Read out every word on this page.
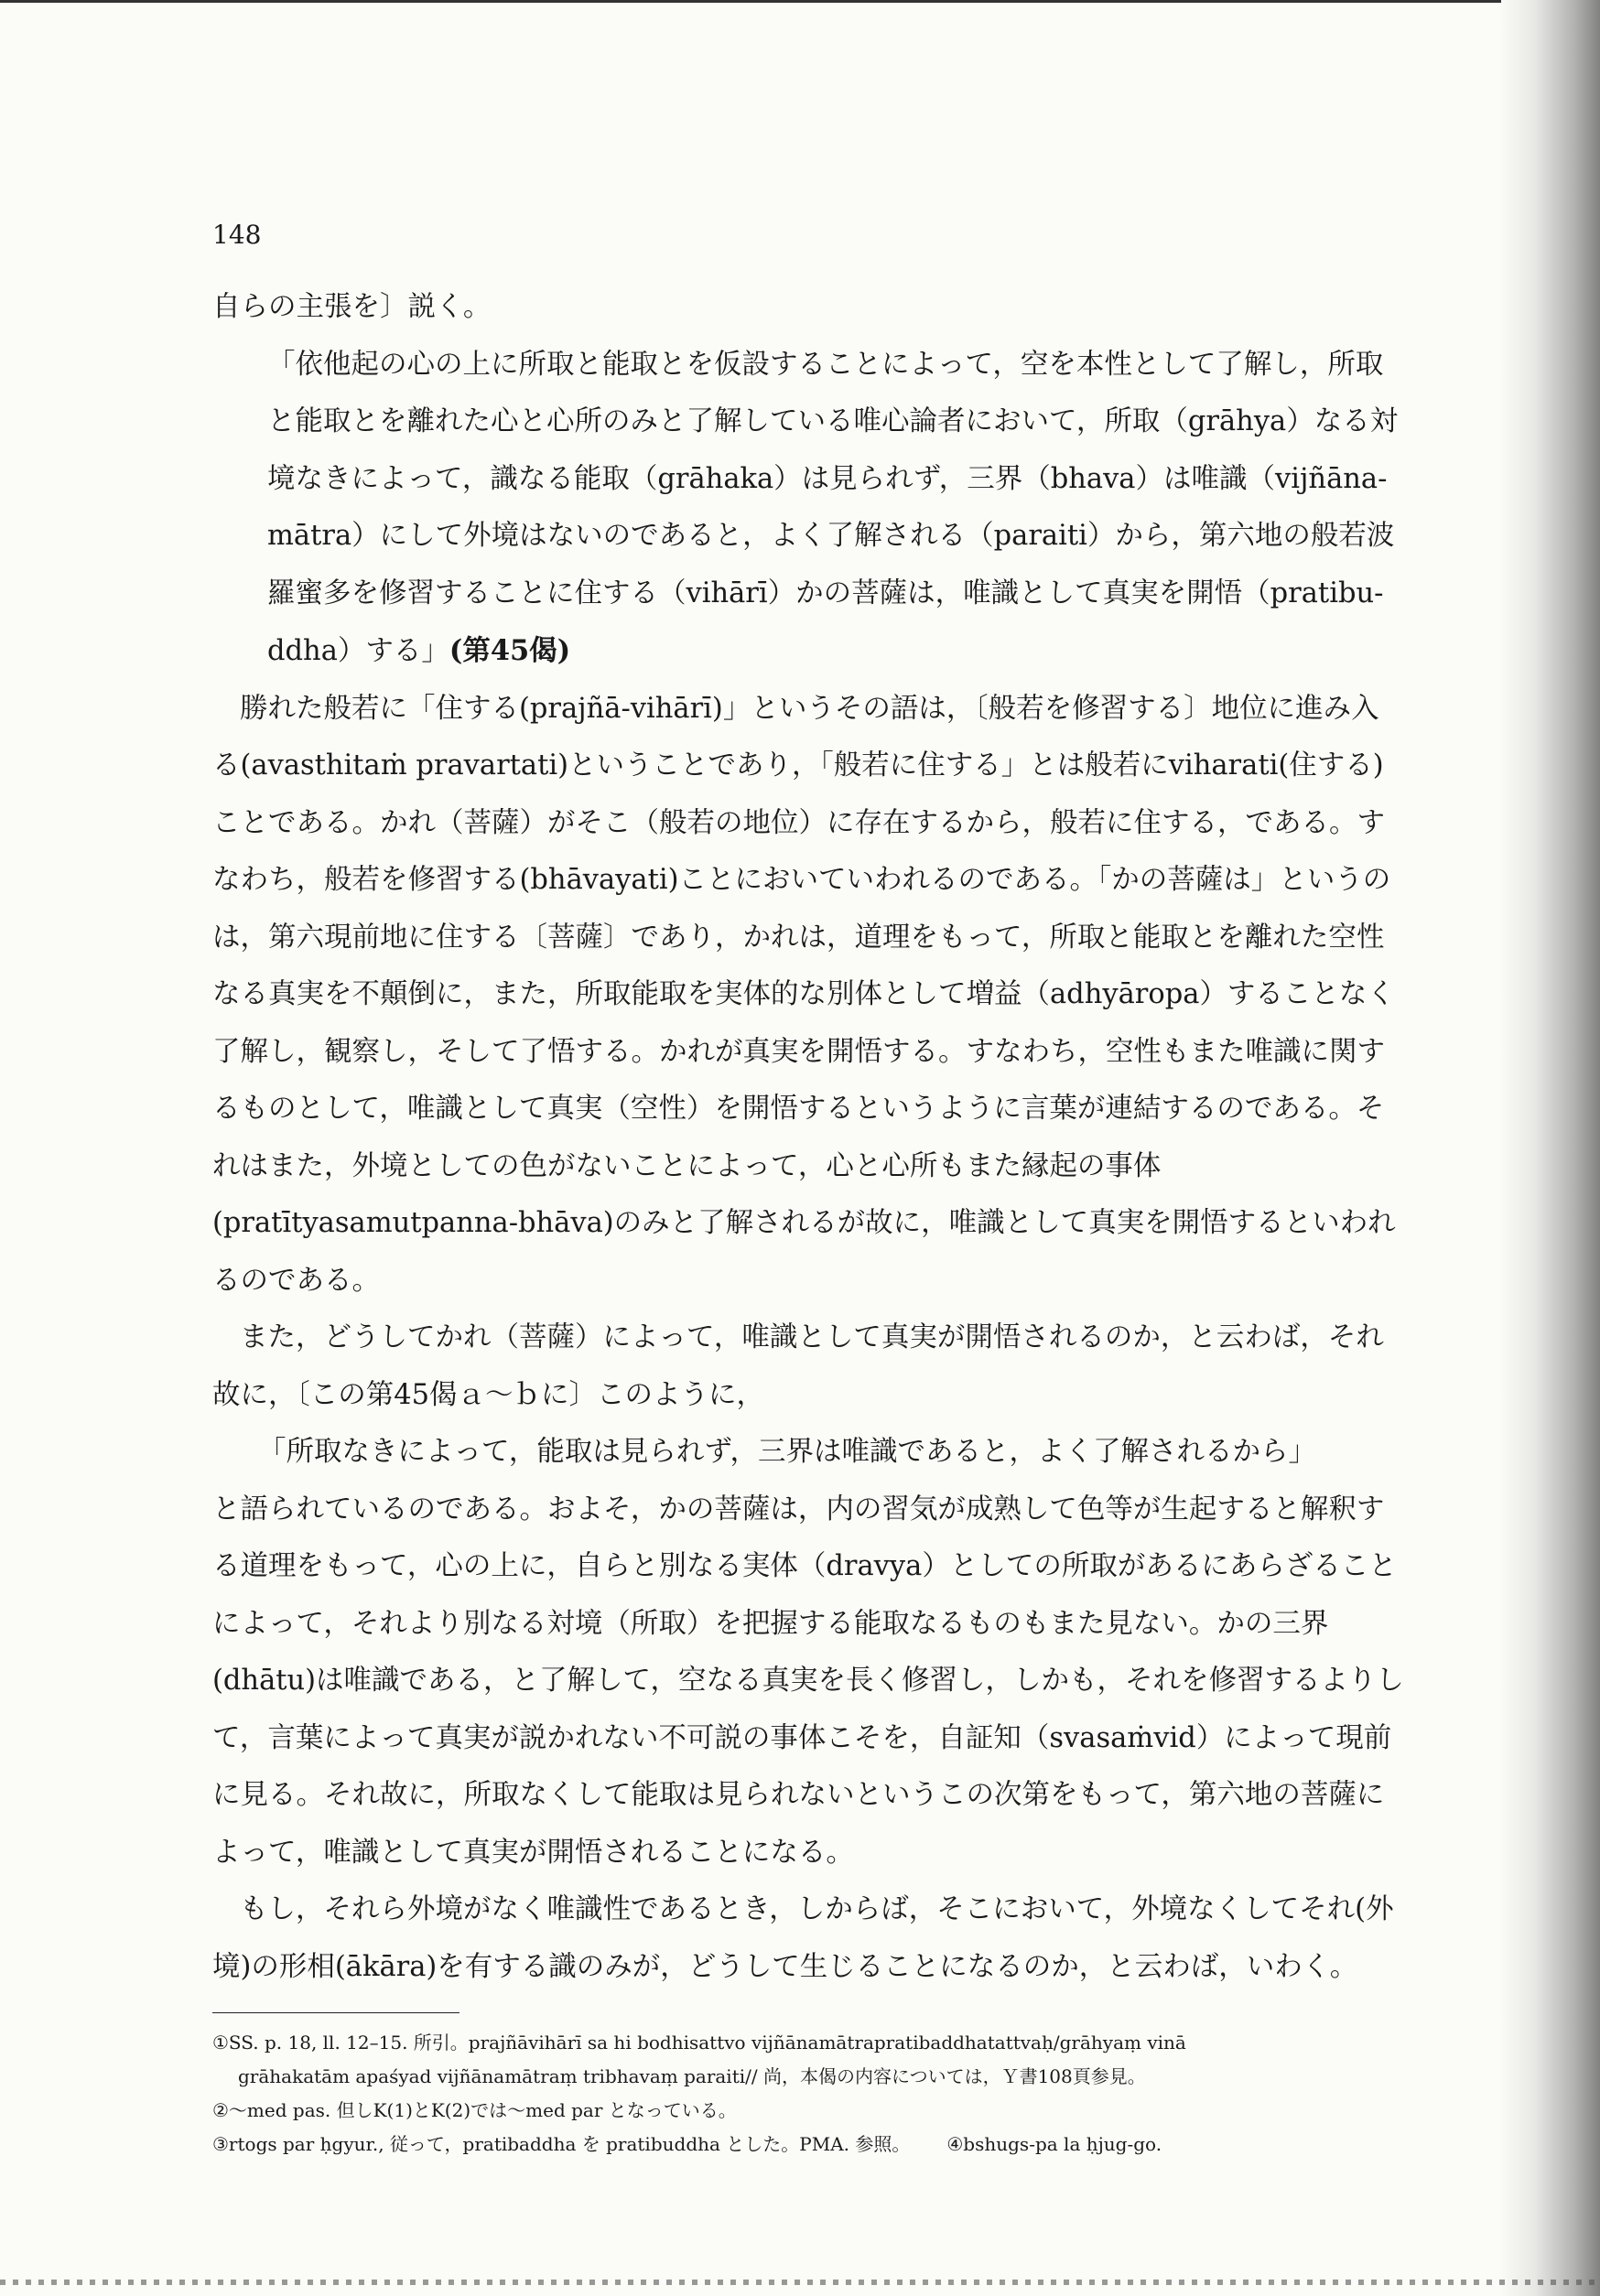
148

自らの主張を〕説く。

「依他起の心の上に所取と能取とを仮設することによって，空を本性として了解し，所取と能取とを離れた心と心所のみと了解している唯心論者において，所取（grāhya）なる対境なきによって，識なる能取（grāhaka）は見られず，三界（bhava）は唯識（vijñāna-mātra）にして外境はないのであると，よく了解される（paraiti）から，第六地の般若波羅蜜多を修習することに住する（vihārī）かの菩薩は，唯識として真実を開悟（pratibu-ddha）する」(第45偈)

勝れた般若に「住する(prajñā-vihārī)」というその語は，〔般若を修習する〕地位に進み入る(avasthitaṁ pravartati)ということであり，「般若に住する」とは般若にviharati(住する)ことである。かれ（菩薩）がそこ（般若の地位）に存在するから，般若に住する，である。すなわち，般若を修習する(bhāvayati)ことにおいていわれるのである。「かの菩薩は」というのは，第六現前地に住する〔菩薩〕であり，かれは，道理をもって，所取と能取とを離れた空性なる真実を不顛倒に，また，所取能取を実体的な別体として増益（adhyāropa）することなく了解し，観察し，そして了悟する。かれが真実を開悟する。すなわち，空性もまた唯識に関するものとして，唯識として真実（空性）を開悟するというように言葉が連結するのである。それはまた，外境としての色がないことによって，心と心所もまた縁起の事体(pratītyasamutpanna-bhāva)のみと了解されるが故に，唯識として真実を開悟するといわれるのである。

また，どうしてかれ（菩薩）によって，唯識として真実が開悟されるのか，と云わば，それ故に，〔この第45偈ａ～ｂに〕このように，

「所取なきによって，能取は見られず，三界は唯識であると，よく了解されるから」

と語られているのである。およそ，かの菩薩は，内の習気が成熟して色等が生起すると解釈する道理をもって，心の上に，自らと別なる実体（dravya）としての所取があるにあらざることによって，それより別なる対境（所取）を把握する能取なるものもまた見ない。かの三界(dhātu)は唯識である，と了解して，空なる真実を長く修習し，しかも，それを修習するよりして，言葉によって真実が説かれない不可説の事体こそを，自証知（svasaṁvid）によって現前に見る。それ故に，所取なくして能取は見られないというこの次第をもって，第六地の菩薩によって，唯識として真実が開悟されることになる。

もし，それら外境がなく唯識性であるとき，しからば，そこにおいて，外境なくしてそれ(外境)の形相(ākāra)を有する識のみが，どうして生じることになるのか，と云わば，いわく。

①SS. p. 18, ll. 12–15. 所引。prajñāvihārī sa hi bodhisattvo vijñānamātrapratibaddhatattvaḥ/grāhyaṃ vinā

grāhakatām apaśyad vijñānamātraṃ tribhavaṃ paraiti// 尚，本偈の内容については，Ｙ書108頁参見。

②～med pas. 但しK(1)とK(2)では～med par となっている。

③rtogs par ḥgyur., 従って，pratibaddha を pratibuddha とした。PMA. 参照。 ④bshugs-pa la ḥjug-go.
